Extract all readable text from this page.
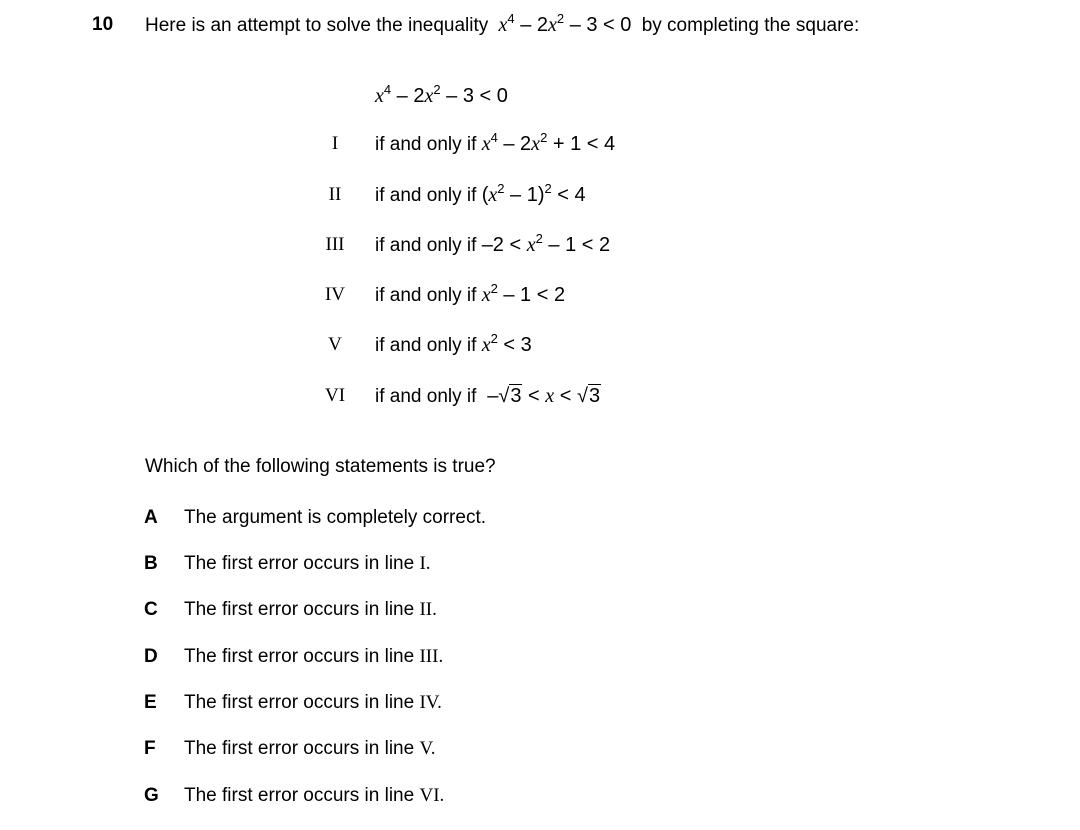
10 Here is an attempt to solve the inequality  $x^4 - 2x^2 - 3 < 0$ by completing the square:
$x^4 - 2x^2 - 3 < 0$
I	if and only if $x^4 - 2x^2 + 1 < 4$
II	if and only if $(x^2 - 1)^2 < 4$
III	if and only if $-2 < x^2 - 1 < 2$
IV	if and only if $x^2 - 1 < 2$
V	if and only if $x^2 < 3$
VI	if and only if  –√3 < x < √3
Which of the following statements is true?
A The argument is completely correct.
B The first error occurs in line I.
C The first error occurs in line II.
D The first error occurs in line III.
E The first error occurs in line IV.
F The first error occurs in line V.
G The first error occurs in line VI.
